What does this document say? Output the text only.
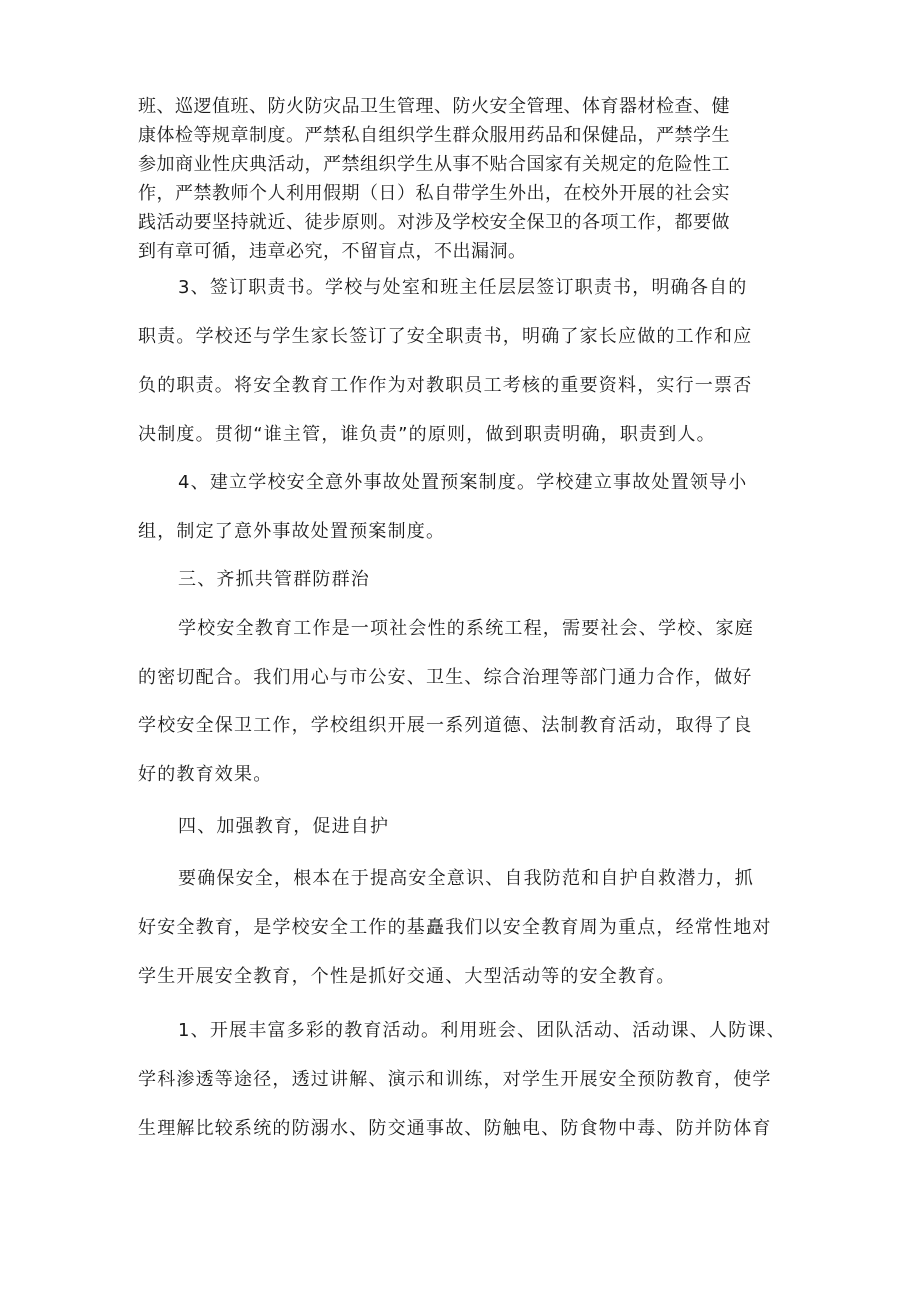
班、巡逻值班、防火防灾品卫生管理、防火安全管理、体育器材检查、健
康体检等规章制度。严禁私自组织学生群众服用药品和保健品，严禁学生
参加商业性庆典活动，严禁组织学生从事不贴合国家有关规定的危险性工
作，严禁教师个人利用假期（日）私自带学生外出，在校外开展的社会实
践活动要坚持就近、徒步原则。对涉及学校安全保卫的各项工作，都要做
到有章可循，违章必究，不留盲点，不出漏洞。
3、签订职责书。学校与处室和班主任层层签订职责书，明确各自的
职责。学校还与学生家长签订了安全职责书，明确了家长应做的工作和应
负的职责。将安全教育工作作为对教职员工考核的重要资料，实行一票否
决制度。贯彻“谁主管，谁负责”的原则，做到职责明确，职责到人。
4、建立学校安全意外事故处置预案制度。学校建立事故处置领导小
组，制定了意外事故处置预案制度。
三、齐抓共管群防群治
学校安全教育工作是一项社会性的系统工程，需要社会、学校、家庭
的密切配合。我们用心与市公安、卫生、综合治理等部门通力合作，做好
学校安全保卫工作，学校组织开展一系列道德、法制教育活动，取得了良
好的教育效果。
四、加强教育，促进自护
要确保安全，根本在于提高安全意识、自我防范和自护自救潜力，抓
好安全教育，是学校安全工作的基矗我们以安全教育周为重点，经常性地对
学生开展安全教育，个性是抓好交通、大型活动等的安全教育。
1、开展丰富多彩的教育活动。利用班会、团队活动、活动课、人防课、
学科渗透等途径，透过讲解、演示和训练，对学生开展安全预防教育，使学
生理解比较系统的防溺水、防交通事故、防触电、防食物中毒、防并防体育
